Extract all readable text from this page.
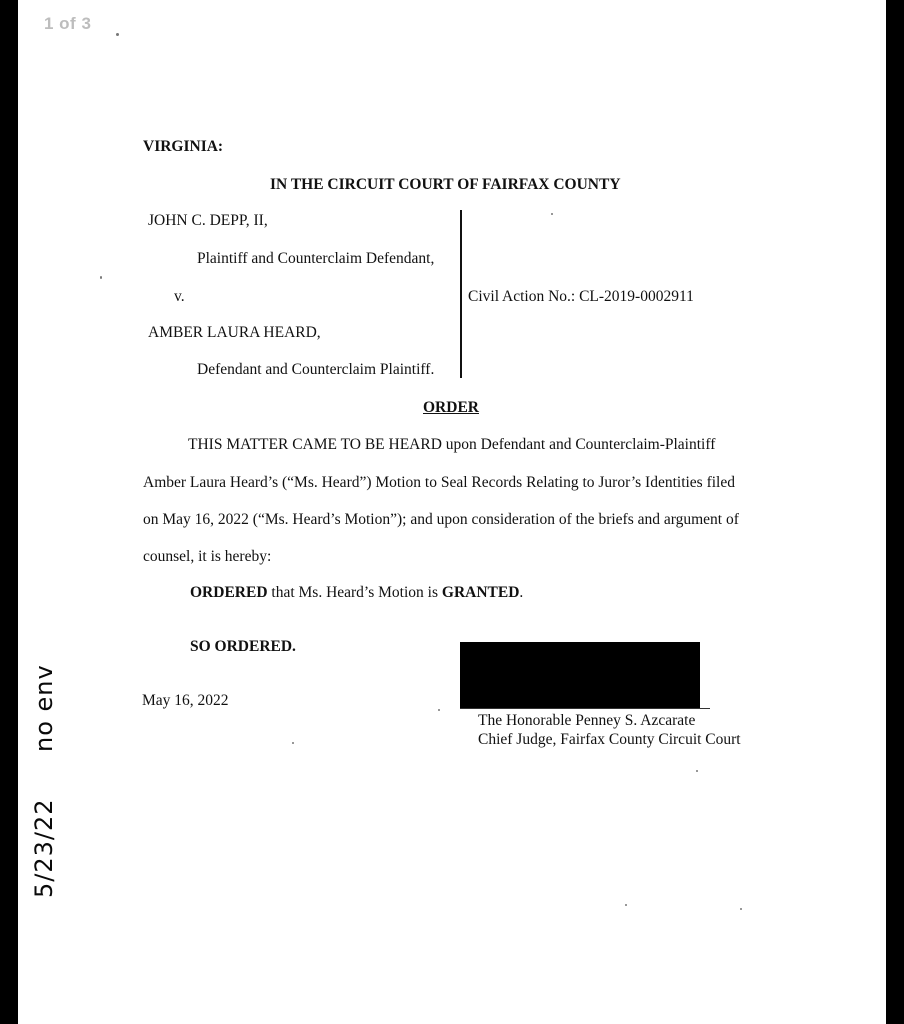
1 of 3
VIRGINIA:
IN THE CIRCUIT COURT OF FAIRFAX COUNTY
JOHN C. DEPP, II,
Plaintiff and Counterclaim Defendant,
v.	Civil Action No.: CL-2019-0002911
AMBER LAURA HEARD,
Defendant and Counterclaim Plaintiff.
ORDER
THIS MATTER CAME TO BE HEARD upon Defendant and Counterclaim-Plaintiff
Amber Laura Heard’s (“Ms. Heard”) Motion to Seal Records Relating to Juror’s Identities filed
on May 16, 2022 (“Ms. Heard’s Motion”); and upon consideration of the briefs and argument of
counsel, it is hereby:
ORDERED that Ms. Heard’s Motion is GRANTED.
SO ORDERED.
May 16, 2022
The Honorable Penney S. Azcarate
Chief Judge, Fairfax County Circuit Court
no env
5/23/22
